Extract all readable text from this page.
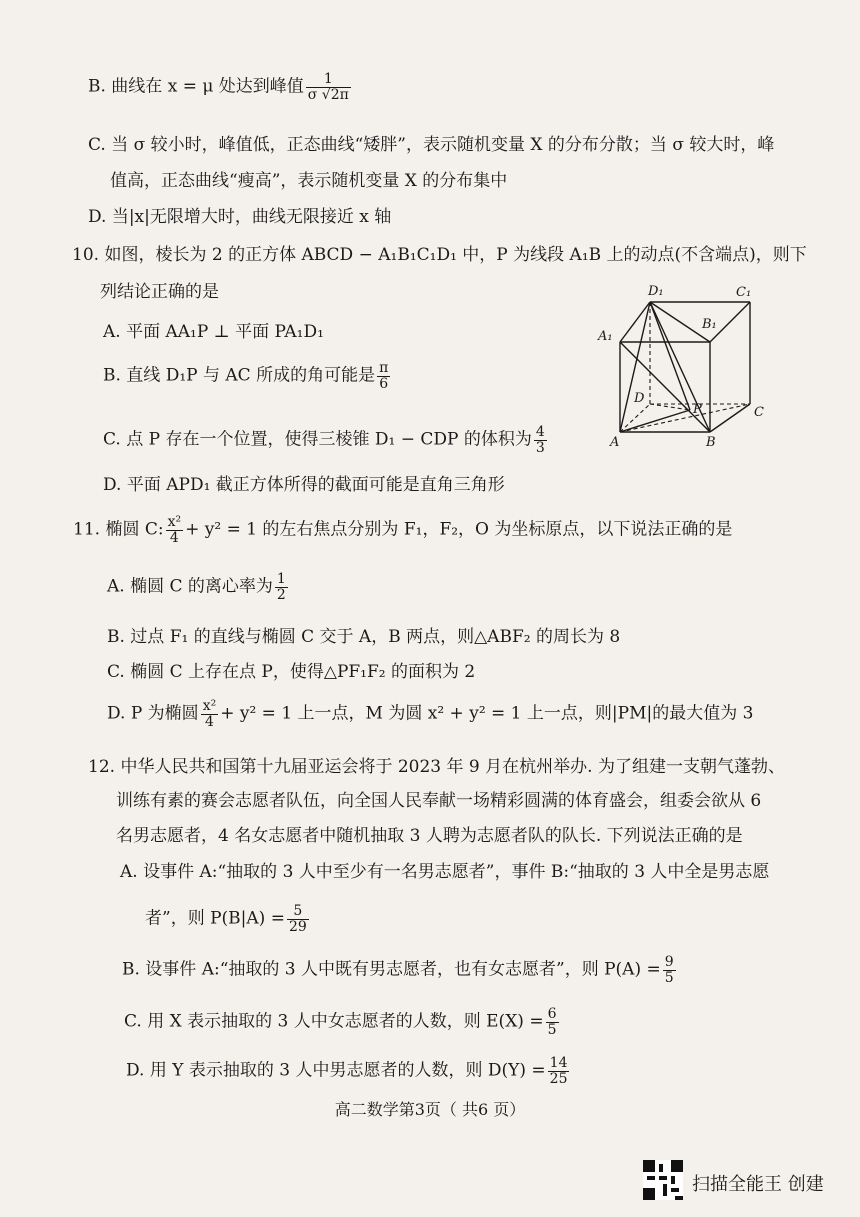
B. 曲线在 x = μ 处达到峰值 $\frac{1}{\sigma √2\pi}$
C. 当 σ 较小时，峰值低，正态曲线“矮胖”，表示随机变量 X 的分布分散；当 σ 较大时，峰
值高，正态曲线“瘦高”，表示随机变量 X 的分布集中
D. 当|x|无限增大时，曲线无限接近 x 轴
10. 如图，棱长为 2 的正方体 ABCD − A₁B₁C₁D₁ 中，P 为线段 A₁B 上的动点(不含端点)，则下
列结论正确的是
A. 平面 AA₁P ⊥ 平面 PA₁D₁
B. 直线 D₁P 与 AC 所成的角可能是 $\frac{\pi}{6}$
C. 点 P 存在一个位置，使得三棱锥 D₁ − CDP 的体积为 $\frac{4}{3}$
D. 平面 APD₁ 截正方体所得的截面可能是直角三角形
D₁	C₁
A₁
B₁
D
P	C
A	B
11. 椭圆 C: $\frac{\text{x²}}{4} + y^2 = 1$ 的左右焦点分别为 F₁，F₂，O 为坐标原点，以下说法正确的是
A. 椭圆 C 的离心率为 $\frac{1}{2}$
B. 过点 F₁ 的直线与椭圆 C 交于 A，B 两点，则△ABF₂ 的周长为 8
C. 椭圆 C 上存在点 P，使得△PF₁F₂ 的面积为 2
D. P 为椭圆 $\frac{\text{x²}}{4} + y^2 = 1$ 上一点，M 为圆 x² + y² = 1 上一点，则|PM|的最大值为 3
12. 中华人民共和国第十九届亚运会将于 2023 年 9 月在杭州举办. 为了组建一支朝气蓬勃、
训练有素的赛会志愿者队伍，向全国人民奉献一场精彩圆满的体育盛会，组委会欲从 6
名男志愿者，4 名女志愿者中随机抽取 3 人聘为志愿者队的队长. 下列说法正确的是
A. 设事件 A:“抽取的 3 人中至少有一名男志愿者”，事件 B:“抽取的 3 人中全是男志愿
者”，则 $P(B|A) = \frac{5}{29}$
B. 设事件 A:“抽取的 3 人中既有男志愿者，也有女志愿者”，则 $P(A) = \frac{9}{5}$
C. 用 X 表示抽取的 3 人中女志愿者的人数，则 $E(X) = \frac{6}{5}$
D. 用 Y 表示抽取的 3 人中男志愿者的人数，则 $D(Y) = \frac{14}{25}$
高二数学第3页（ 共6 页）
扫描全能王 创建
